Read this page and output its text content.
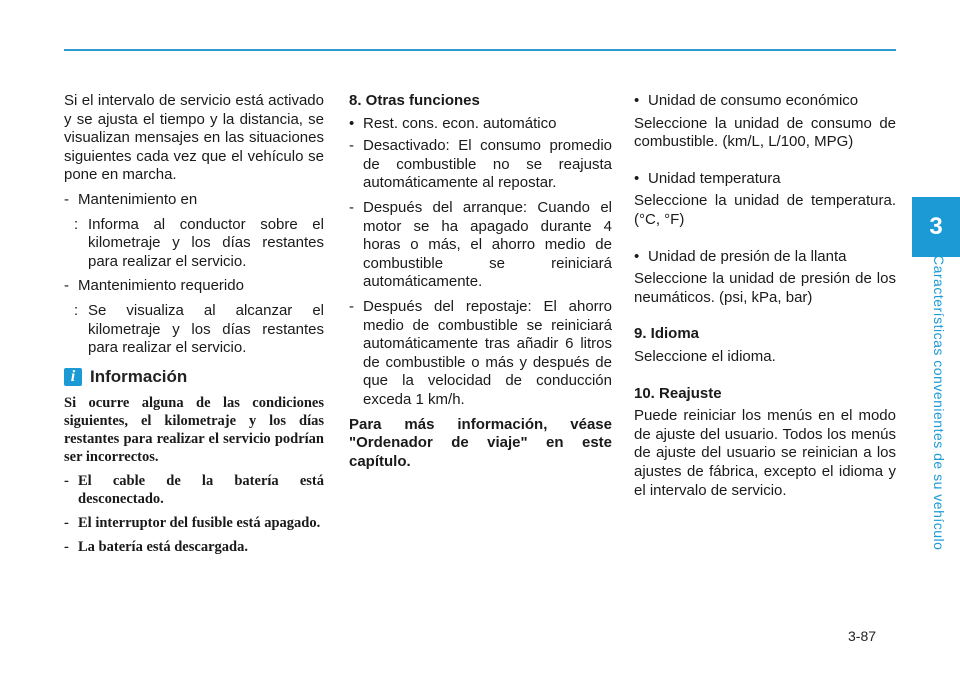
3
Características convenientes de su vehículo
Si el intervalo de servicio está activado y se ajusta el tiempo y la distancia, se visualizan mensajes en las situaciones siguientes cada vez que el vehículo se pone en marcha.
- Mantenimiento en
: Informa al conductor sobre el kilometraje y los días restantes para realizar el servicio.
- Mantenimiento requerido
: Se visualiza al alcanzar el kilometraje y los días restantes para realizar el servicio.
i Información
Si ocurre alguna de las condiciones siguientes, el kilometraje y los días restantes para realizar el servicio podrían ser incorrectos.
- El cable de la batería está desconectado.
- El interruptor del fusible está apagado.
- La batería está descargada.
8. Otras funciones
• Rest. cons. econ. automático
- Desactivado: El consumo promedio de combustible no se reajusta automáticamente al repostar.
- Después del arranque: Cuando el motor se ha apagado durante 4 horas o más, el ahorro medio de combustible se reiniciará automáticamente.
- Después del repostaje: El ahorro medio de combustible se reiniciará automáticamente tras añadir 6 litros de combustible o más y después de que la velocidad de conducción exceda 1 km/h.
Para más información, véase "Ordenador de viaje" en este capítulo.
• Unidad de consumo económico
Seleccione la unidad de consumo de combustible. (km/L, L/100, MPG)
• Unidad temperatura
Seleccione la unidad de temperatura. (°C, °F)
• Unidad de presión de la llanta
Seleccione la unidad de presión de los neumáticos. (psi, kPa, bar)
9. Idioma
Seleccione el idioma.
10. Reajuste
Puede reiniciar los menús en el modo de ajuste del usuario. Todos los menús de ajuste del usuario se reinician a los ajustes de fábrica, excepto el idioma y el intervalo de servicio.
3-87
